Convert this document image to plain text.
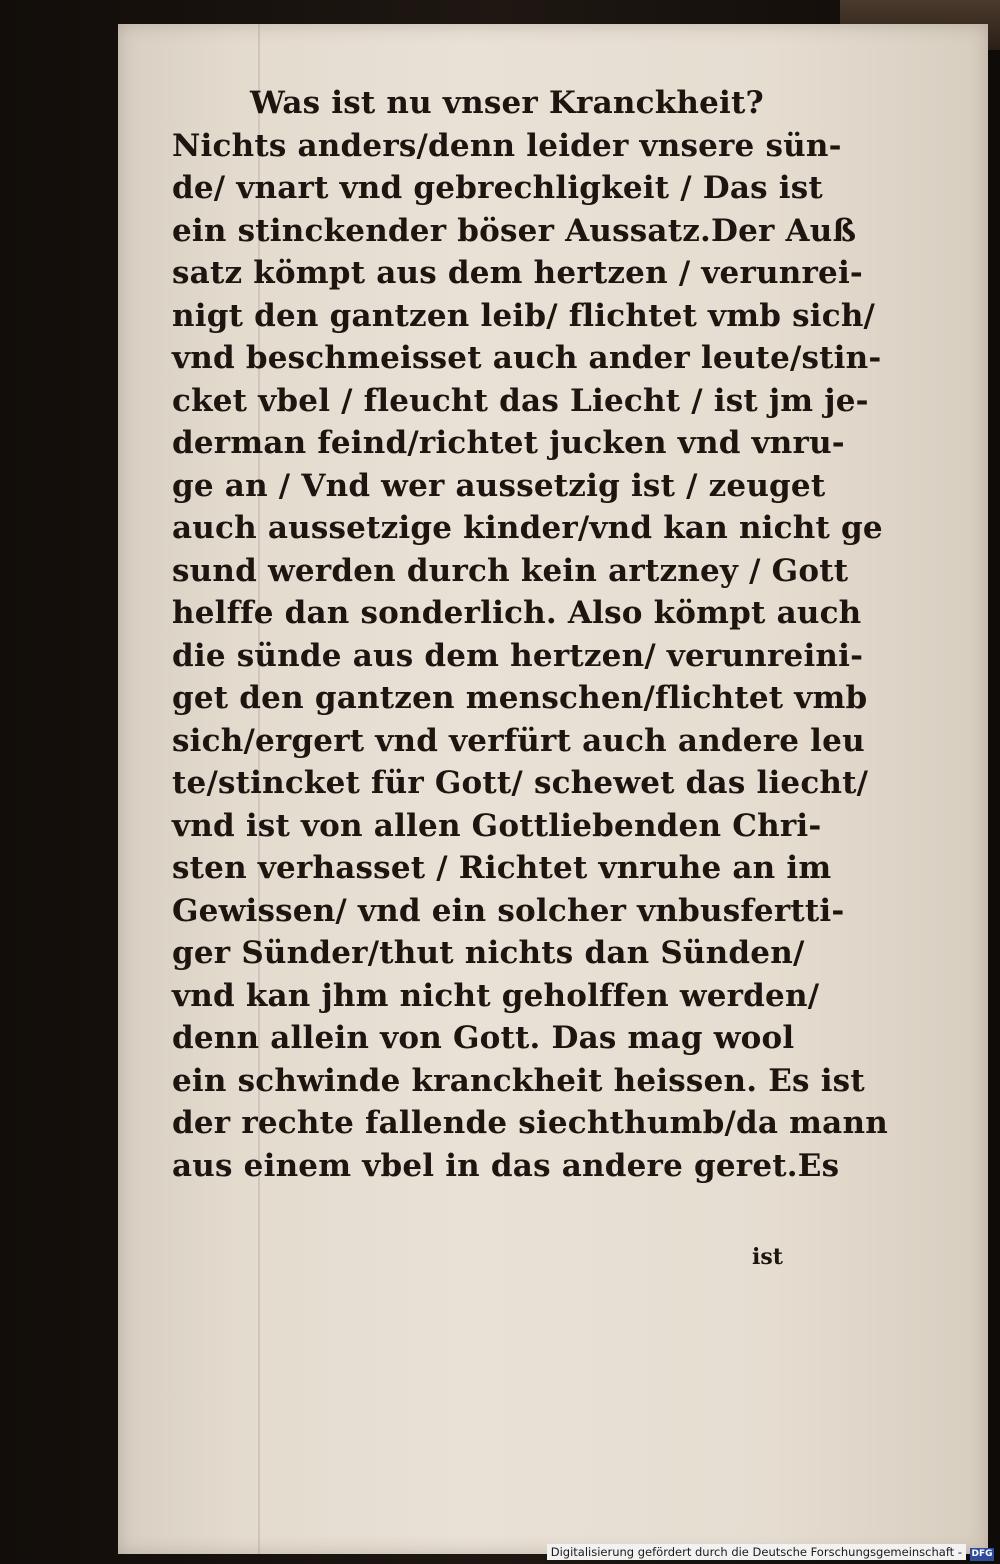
Was ist nu vnser Kranckheit?
Nichts anders/denn leider vnsere sün-
de/ vnart vnd gebrechligkeit / Das ist
ein stinckender böser Aussatz.Der Auß
satz kömpt aus dem hertzen / verunrei-
nigt den gantzen leib/ flichtet vmb sich/
vnd beschmeisset auch ander leute/stin-
cket vbel / fleucht das Liecht / ist jm je-
derman feind/richtet jucken vnd vnru-
ge an / Vnd wer aussetzig ist / zeuget
auch aussetzige kinder/vnd kan nicht ge
sund werden durch kein artzney / Gott
helffe dan sonderlich. Also kömpt auch
die sünde aus dem hertzen/ verunreini-
get den gantzen menschen/flichtet vmb
sich/ergert vnd verfürt auch andere leu
te/stincket für Gott/ schewet das liecht/
vnd ist von allen Gottliebenden Chri-
sten verhasset / Richtet vnruhe an im
Gewissen/ vnd ein solcher vnbusfertti-
ger Sünder/thut nichts dan Sünden/
vnd kan jhm nicht geholffen werden/
denn allein von Gott. Das mag wool
ein schwinde kranckheit heissen. Es ist
der rechte fallende siechthumb/da mann
aus einem vbel in das andere geret.Es
ist
Digitalisierung gefördert durch die Deutsche Forschungsgemeinschaft -	DFG
